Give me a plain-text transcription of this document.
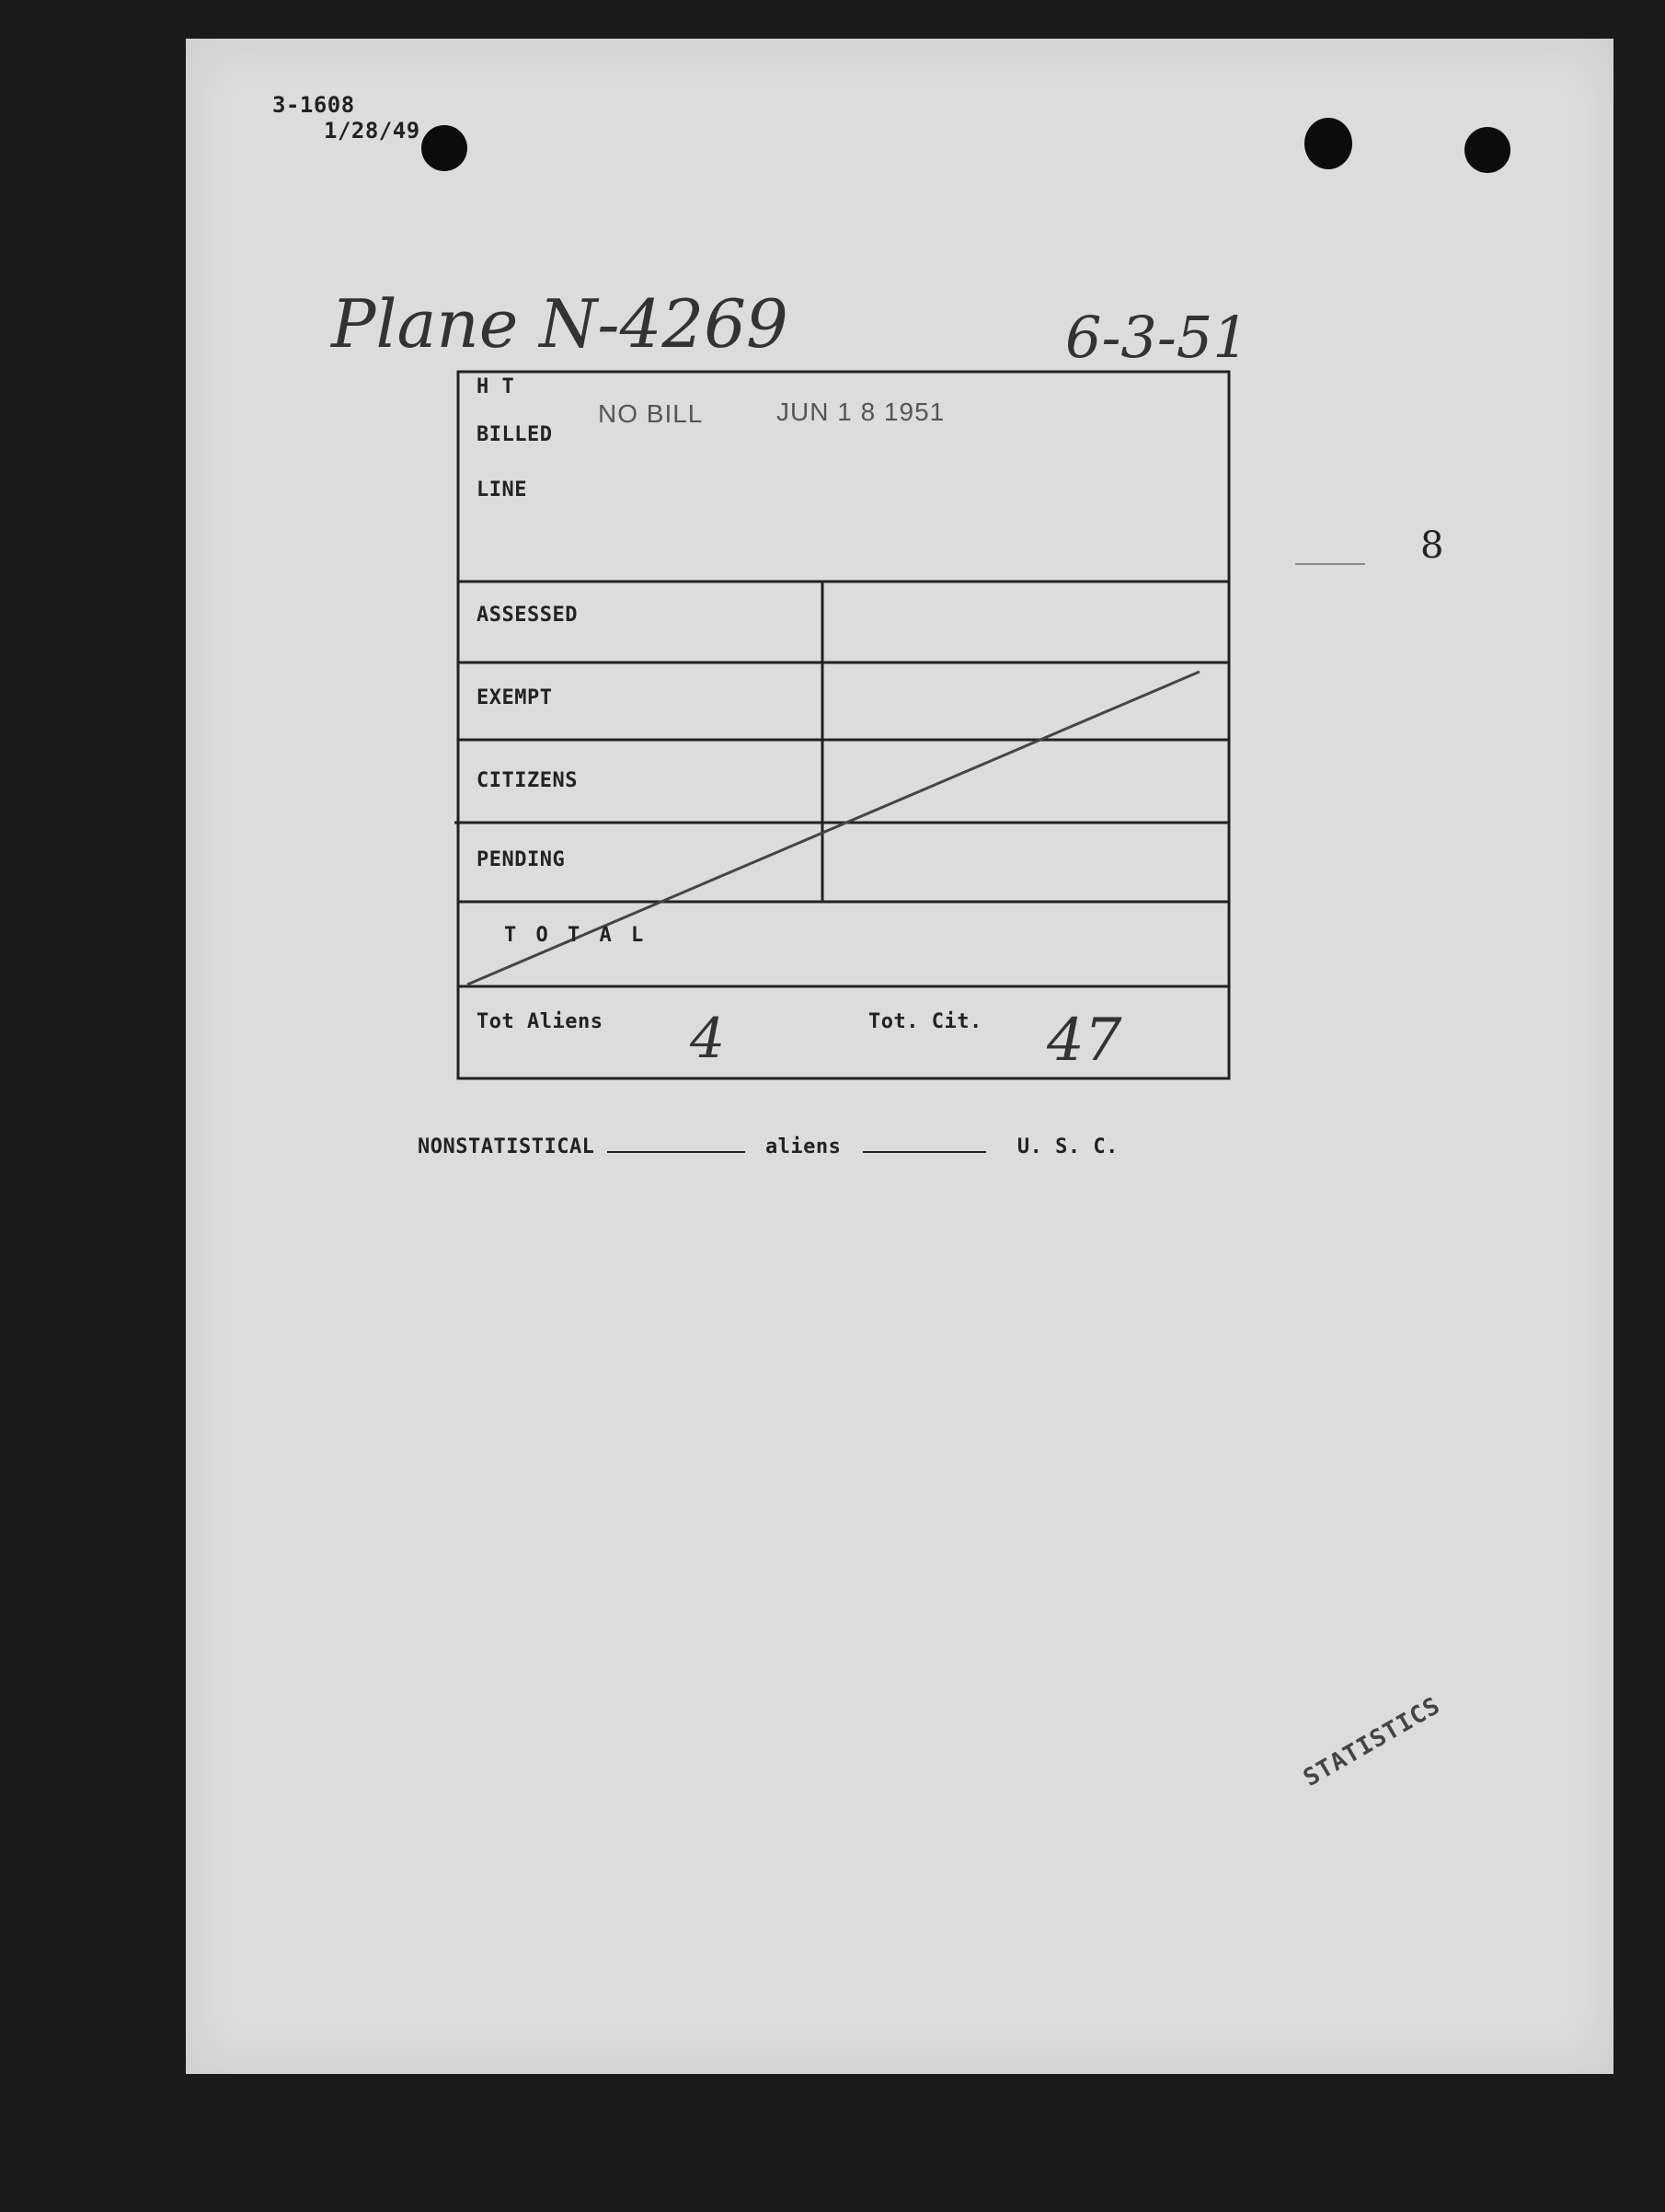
3-1608
1/28/49
Plane N-4269	6-3-51
8
H T
BILLED
LINE
NO BILL	JUN 1 8 1951
ASSESSED
EXEMPT
CITIZENS
PENDING
T O T A L
Tot Aliens 4	Tot. Cit. 47
NONSTATISTICAL	aliens	U. S. C.
STATISTICS
